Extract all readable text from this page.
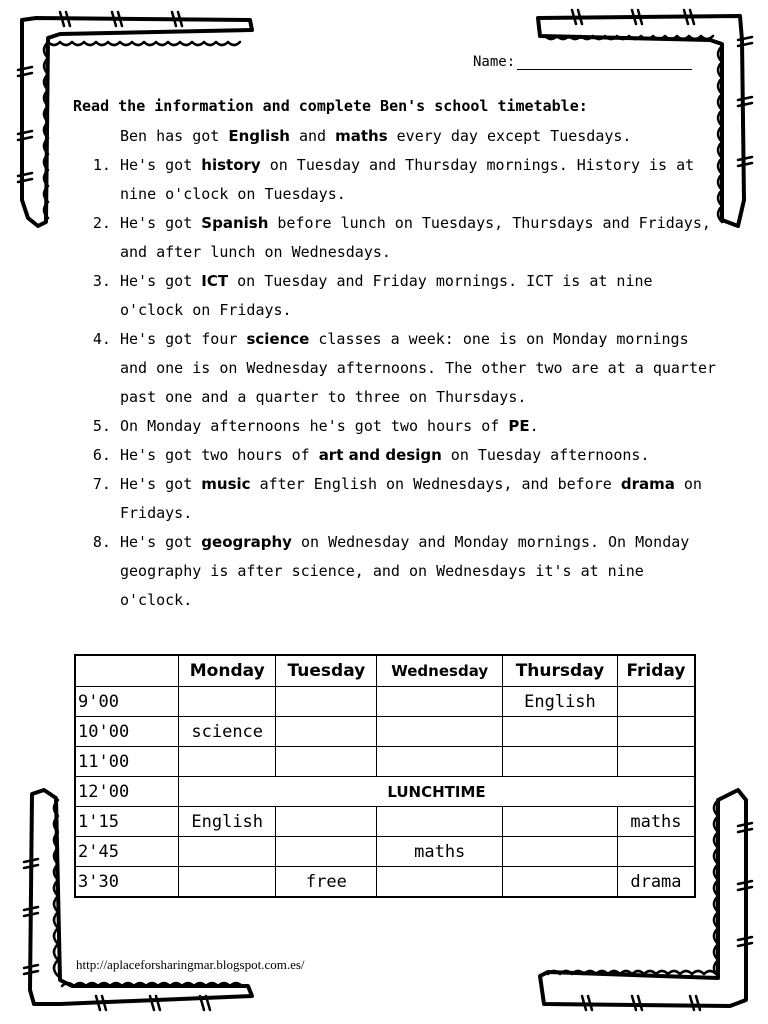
Name:
Read the information and complete Ben's school timetable:
Ben has got English and maths every day except Tuesdays.
1. He's got history on Tuesday and Thursday mornings. History is at nine o'clock on Tuesdays.
2. He's got Spanish before lunch on Tuesdays, Thursdays and Fridays, and after lunch on Wednesdays.
3. He's got ICT on Tuesday and Friday mornings. ICT is at nine o'clock on Fridays.
4. He's got four science classes a week: one is on Monday mornings and one is on Wednesday afternoons. The other two are at a quarter past one and a quarter to three on Thursdays.
5. On Monday afternoons he's got two hours of PE.
6. He's got two hours of art and design on Tuesday afternoons.
7. He's got music after English on Wednesdays, and before drama on Fridays.
8. He's got geography on Wednesday and Monday mornings. On Monday geography is after science, and on Wednesdays it's at nine o'clock.
	Monday	Tuesday	Wednesday	Thursday	Friday
9'00				English	
10'00	science				
11'00					
12'00	LUNCHTIME				
1'15	English				maths
2'45			maths		
3'30		free			drama
http://aplaceforsharingmar.blogspot.com.es/
